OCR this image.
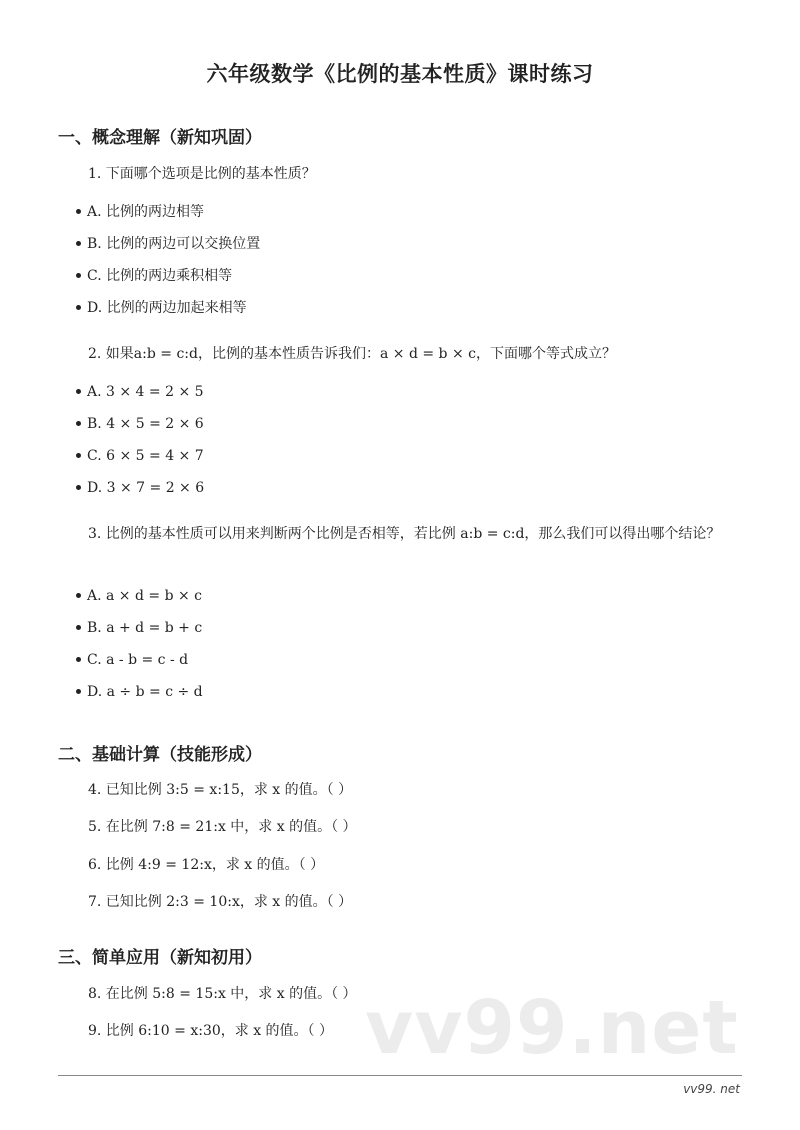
六年级数学《比例的基本性质》课时练习
一、概念理解（新知巩固）
1. 下面哪个选项是比例的基本性质？
A. 比例的两边相等
B. 比例的两边可以交换位置
C. 比例的两边乘积相等
D. 比例的两边加起来相等
2. 如果a:b = c:d，比例的基本性质告诉我们：a × d = b × c，下面哪个等式成立？
A. 3 × 4 = 2 × 5
B. 4 × 5 = 2 × 6
C. 6 × 5 = 4 × 7
D. 3 × 7 = 2 × 6
3. 比例的基本性质可以用来判断两个比例是否相等，若比例 a:b = c:d，那么我们可以得出哪个结论？
A. a × d = b × c
B. a + d = b + c
C. a - b = c - d
D. a ÷ b = c ÷ d
二、基础计算（技能形成）
4. 已知比例 3:5 = x:15，求 x 的值。（ ）
5. 在比例 7:8 = 21:x 中，求 x 的值。（ ）
6. 比例 4:9 = 12:x，求 x 的值。（ ）
7. 已知比例 2:3 = 10:x，求 x 的值。（ ）
三、简单应用（新知初用）
vv99.net
8. 在比例 5:8 = 15:x 中，求 x 的值。（ ）
9. 比例 6:10 = x:30，求 x 的值。（ ）
vv99. net
